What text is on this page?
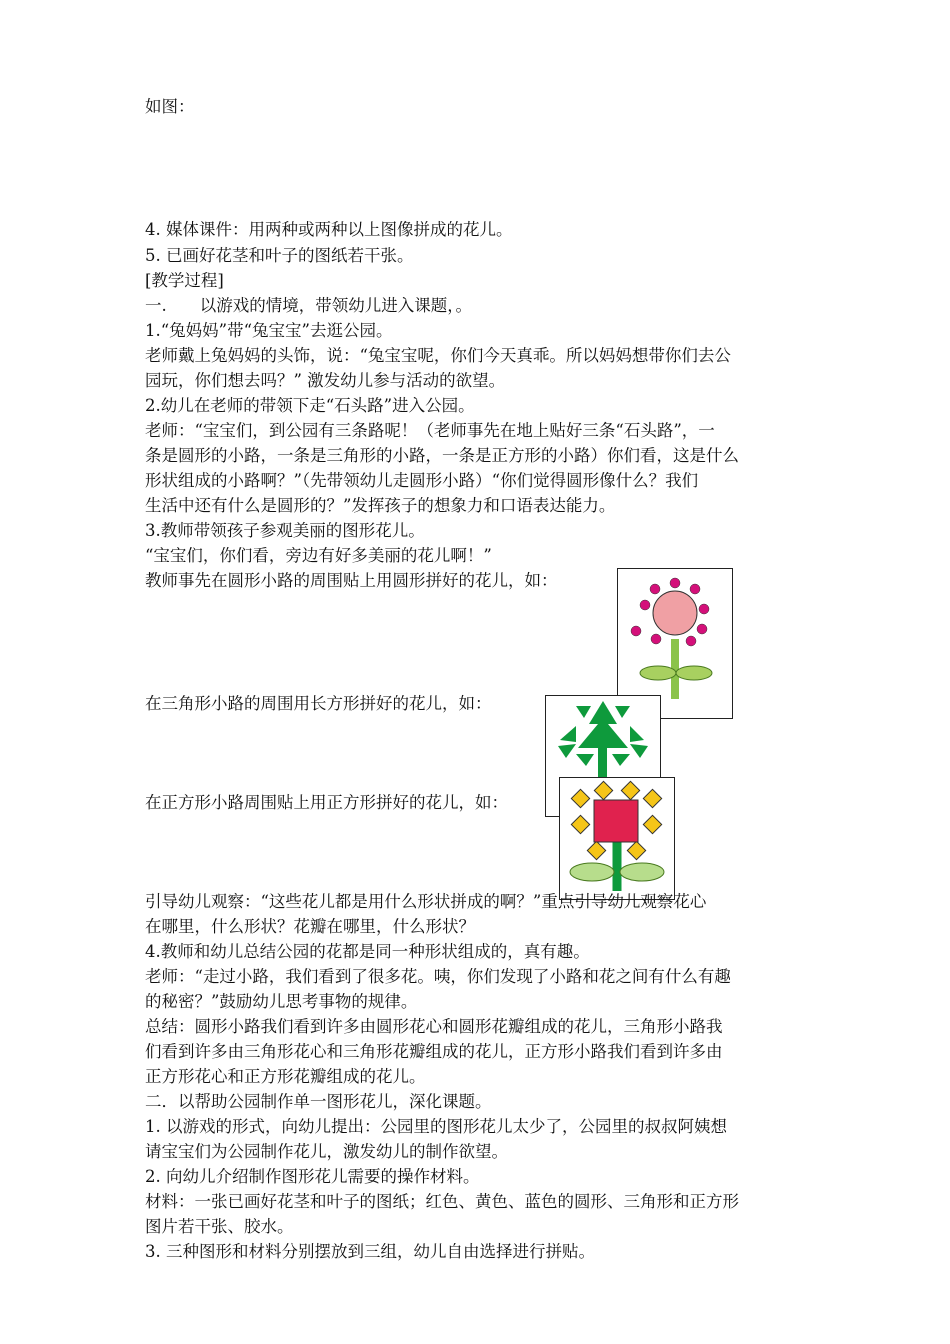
如图：
4. 媒体课件：用两种或两种以上图像拼成的花儿。
5. 已画好花茎和叶子的图纸若干张。
[教学过程]
一.　　以游戏的情境，带领幼儿进入课题，。
1.“兔妈妈”带“兔宝宝”去逛公园。
老师戴上兔妈妈的头饰，说：“兔宝宝呢，你们今天真乖。所以妈妈想带你们去公
园玩，你们想去吗？” 激发幼儿参与活动的欲望。
2.幼儿在老师的带领下走“石头路”进入公园。
老师：“宝宝们，到公园有三条路呢！（老师事先在地上贴好三条“石头路”，一
条是圆形的小路，一条是三角形的小路，一条是正方形的小路）你们看，这是什么
形状组成的小路啊？”（先带领幼儿走圆形小路）“你们觉得圆形像什么？我们
生活中还有什么是圆形的？”发挥孩子的想象力和口语表达能力。
3.教师带领孩子参观美丽的图形花儿。
“宝宝们，你们看，旁边有好多美丽的花儿啊！”
教师事先在圆形小路的周围贴上用圆形拼好的花儿，如：
在三角形小路的周围用长方形拼好的花儿，如：
在正方形小路周围贴上用正方形拼好的花儿，如：
引导幼儿观察：“这些花儿都是用什么形状拼成的啊？”重点引导幼儿观察花心
在哪里，什么形状？花瓣在哪里，什么形状？
4.教师和幼儿总结公园的花都是同一种形状组成的，真有趣。
老师：“走过小路，我们看到了很多花。咦，你们发现了小路和花之间有什么有趣
的秘密？”鼓励幼儿思考事物的规律。
总结：圆形小路我们看到许多由圆形花心和圆形花瓣组成的花儿，三角形小路我
们看到许多由三角形花心和三角形花瓣组成的花儿，正方形小路我们看到许多由
正方形花心和正方形花瓣组成的花儿。
二．以帮助公园制作单一图形花儿，深化课题。
1. 以游戏的形式，向幼儿提出：公园里的图形花儿太少了，公园里的叔叔阿姨想
请宝宝们为公园制作花儿，激发幼儿的制作欲望。
2. 向幼儿介绍制作图形花儿需要的操作材料。
材料：一张已画好花茎和叶子的图纸；红色、黄色、蓝色的圆形、三角形和正方形
图片若干张、胶水。
3. 三种图形和材料分别摆放到三组，幼儿自由选择进行拼贴。
